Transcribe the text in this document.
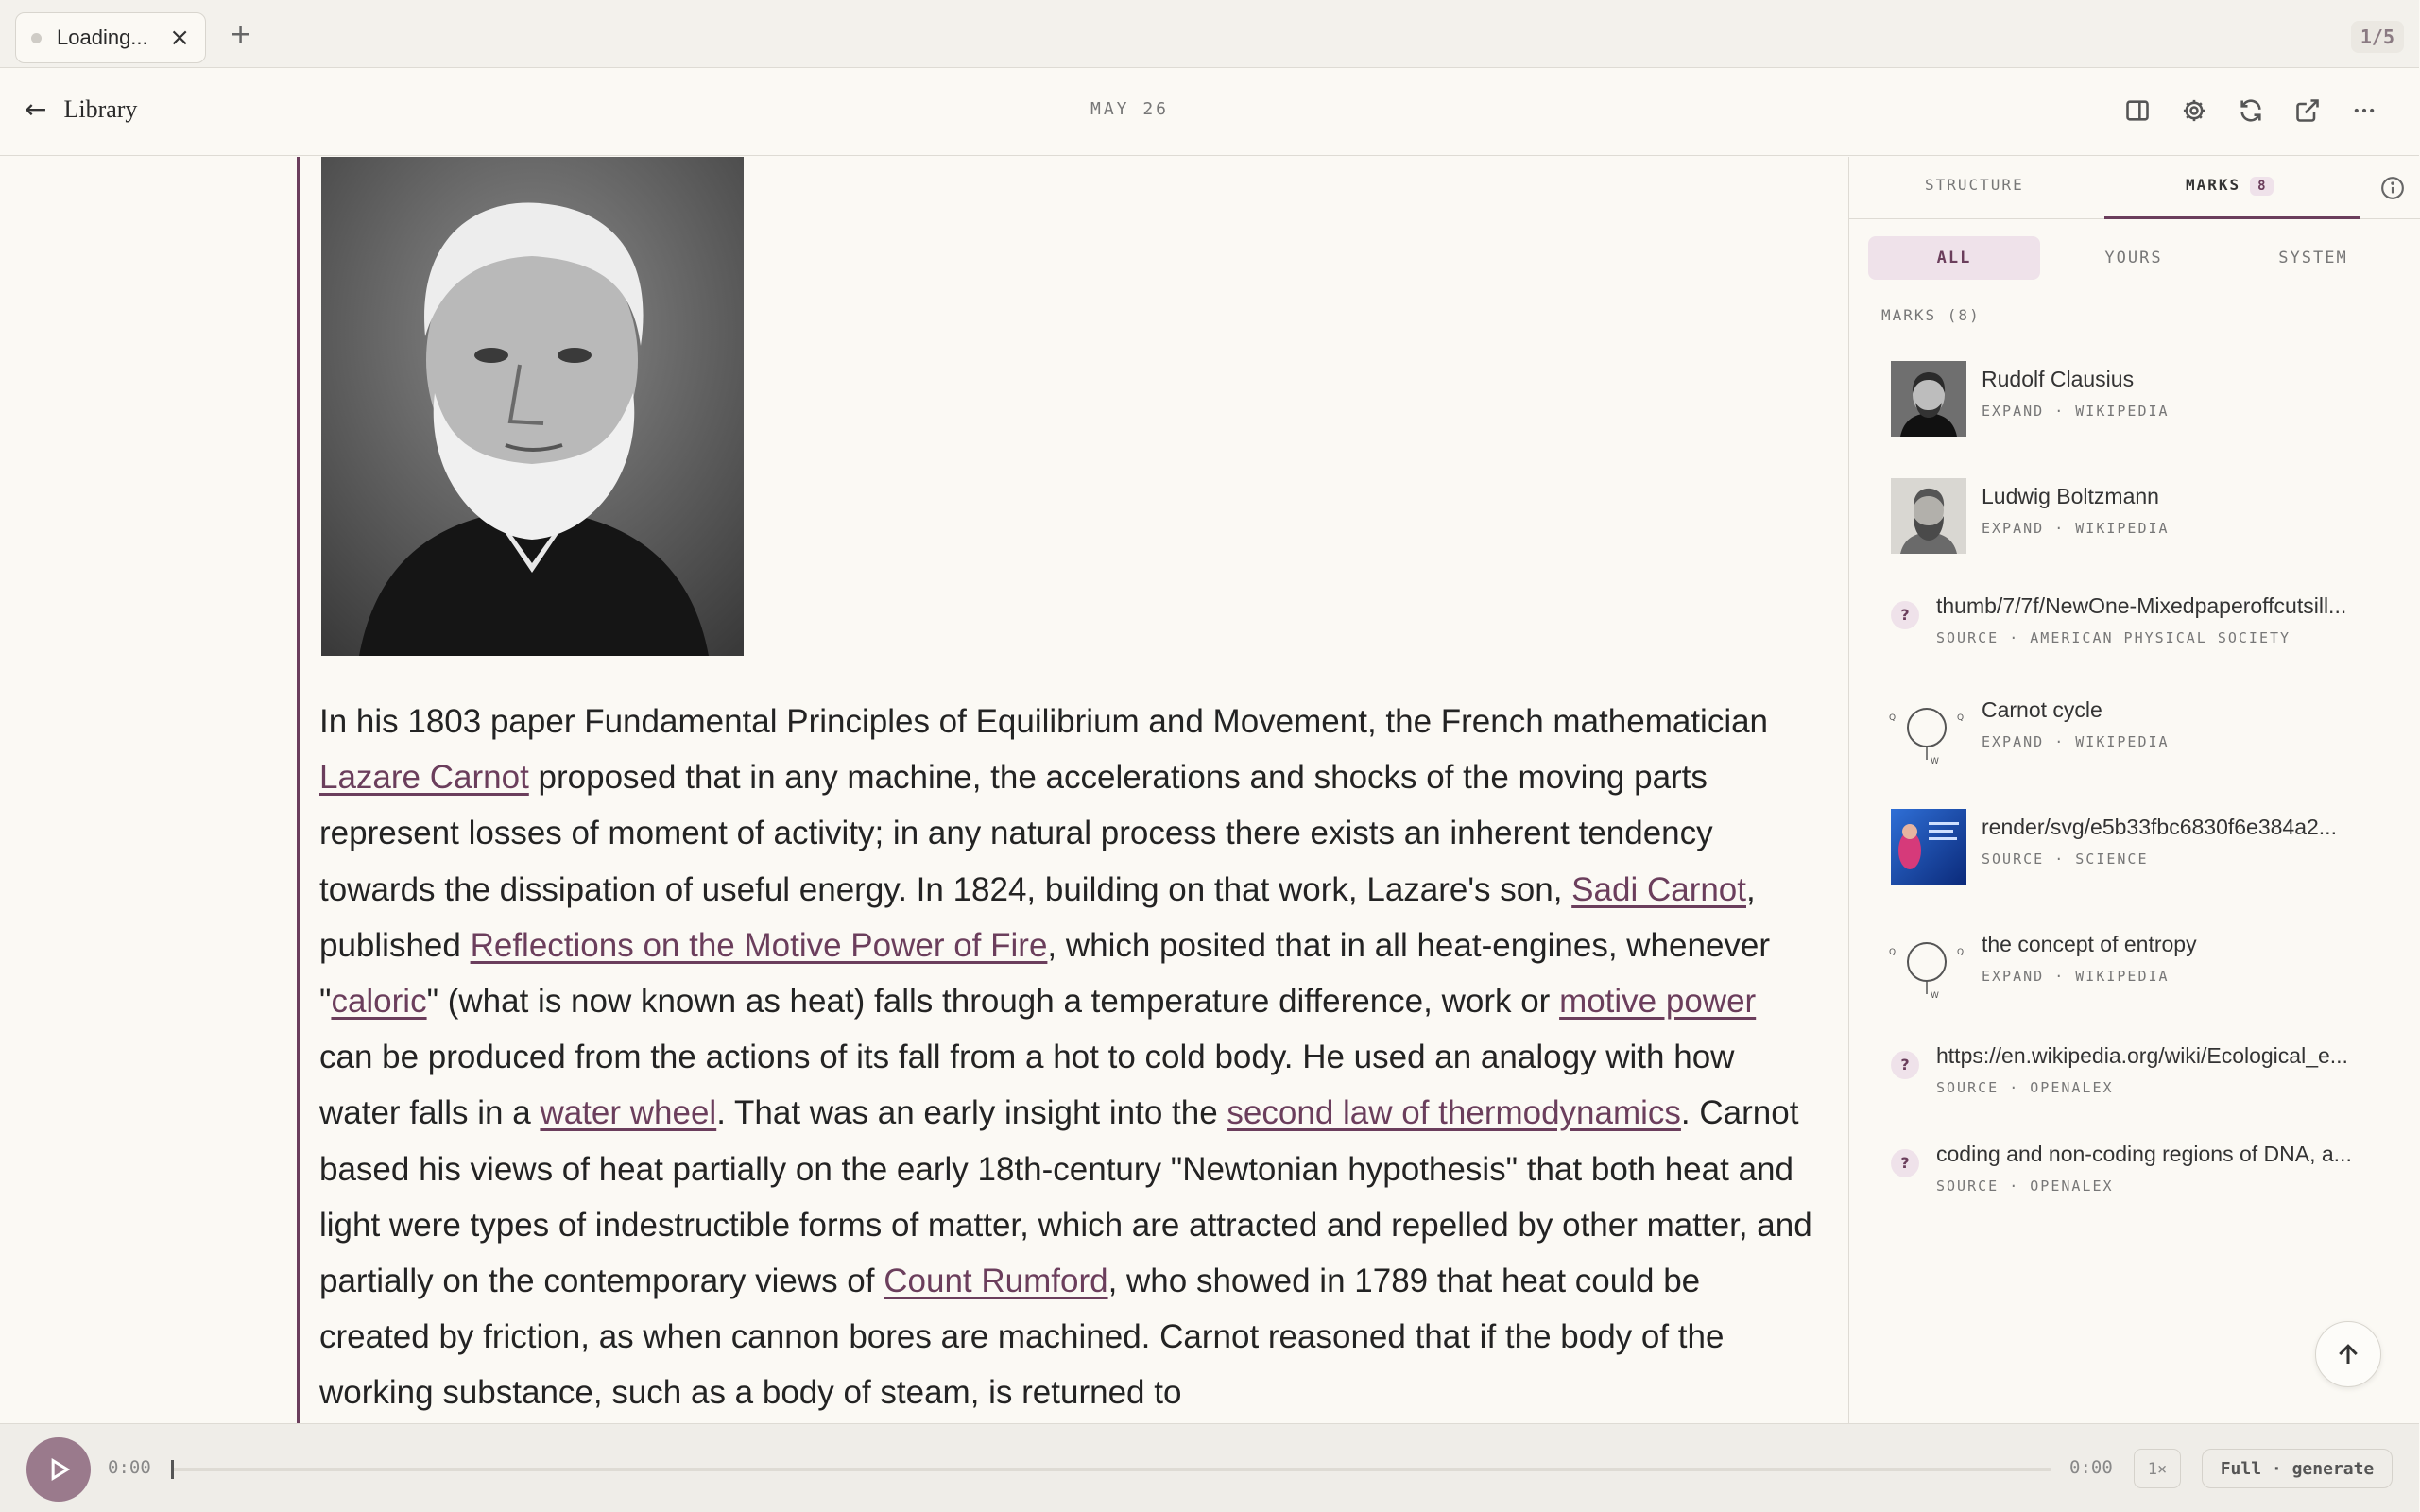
Loading... × +	1/5
← Library	MAY 26
In his 1803 paper Fundamental Principles of Equilibrium and Movement, the French mathematician Lazare Carnot proposed that in any machine, the accelerations and shocks of the moving parts represent losses of moment of activity; in any natural process there exists an inherent tendency towards the dissipation of useful energy. In 1824, building on that work, Lazare's son, Sadi Carnot, published Reflections on the Motive Power of Fire, which posited that in all heat-engines, whenever "caloric" (what is now known as heat) falls through a temperature difference, work or motive power can be produced from the actions of its fall from a hot to cold body. He used an analogy with how water falls in a water wheel. That was an early insight into the second law of thermodynamics. Carnot based his views of heat partially on the early 18th-century "Newtonian hypothesis" that both heat and light were types of indestructible forms of matter, which are attracted and repelled by other matter, and partially on the contemporary views of Count Rumford, who showed in 1789 that heat could be created by friction, as when cannon bores are machined. Carnot reasoned that if the body of the working substance, such as a body of steam, is returned to
STRUCTURE	MARKS 8
ALL	YOURS	SYSTEM
MARKS (8)
Rudolf Clausius
EXPAND · WIKIPEDIA
Ludwig Boltzmann
EXPAND · WIKIPEDIA
?	thumb/7/7f/NewOne-Mixedpaperoffcutsill...
SOURCE · AMERICAN PHYSICAL SOCIETY
Q	Q
W
Carnot cycle
EXPAND · WIKIPEDIA
render/svg/e5b33fbc6830f6e384a2...
SOURCE · SCIENCE
Q	Q
W
the concept of entropy
EXPAND · WIKIPEDIA
?	https://en.wikipedia.org/wiki/Ecological_e...
SOURCE · OPENALEX
?	coding and non-coding regions of DNA, a...
SOURCE · OPENALEX
0:00	0:00	1×	Full · generate
